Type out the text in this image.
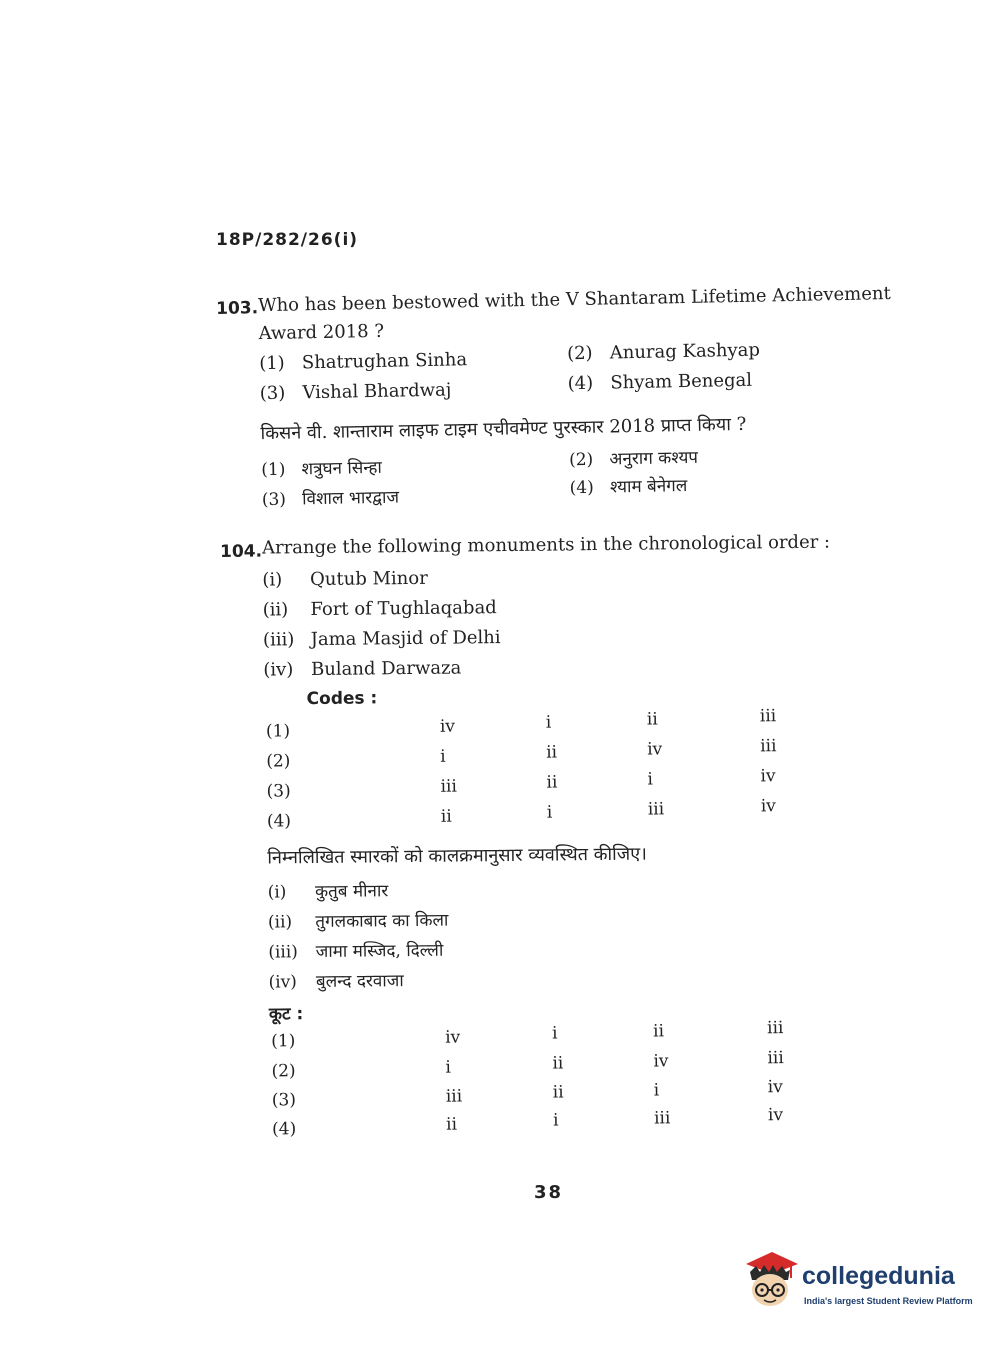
18P/282/26(i)
103. Who has been bestowed with the V Shantaram Lifetime Achievement
Award 2018 ?
(1) Shatrughan Sinha	(2) Anurag Kashyap
(3) Vishal Bhardwaj	(4) Shyam Benegal
किसने वी. शान्ताराम लाइफ टाइम एचीवमेण्ट पुरस्कार 2018 प्राप्त किया ?
(1) शत्रुघन सिन्हा	(2) अनुराग कश्यप
(3) विशाल भारद्वाज	(4) श्याम बेनेगल
104. Arrange the following monuments in the chronological order :
(i) Qutub Minor
(ii) Fort of Tughlaqabad
(iii) Jama Masjid of Delhi
(iv) Buland Darwaza
Codes :
(1)	iv	i	ii	iii
(2)	i	ii	iv	iii
(3)	iii	ii	i	iv
(4)	ii	i	iii	iv
निम्नलिखित स्मारकों को कालक्रमानुसार व्यवस्थित कीजिए।
(i) कुतुब मीनार
(ii) तुगलकाबाद का किला
(iii) जामा मस्जिद, दिल्ली
(iv) बुलन्द दरवाजा
कूट :
(1)	iv	i	ii	iii
(2)	i	ii	iv	iii
(3)	iii	ii	i	iv
(4)	ii	i	iii	iv
38
collegedunia
India's largest Student Review Platform
